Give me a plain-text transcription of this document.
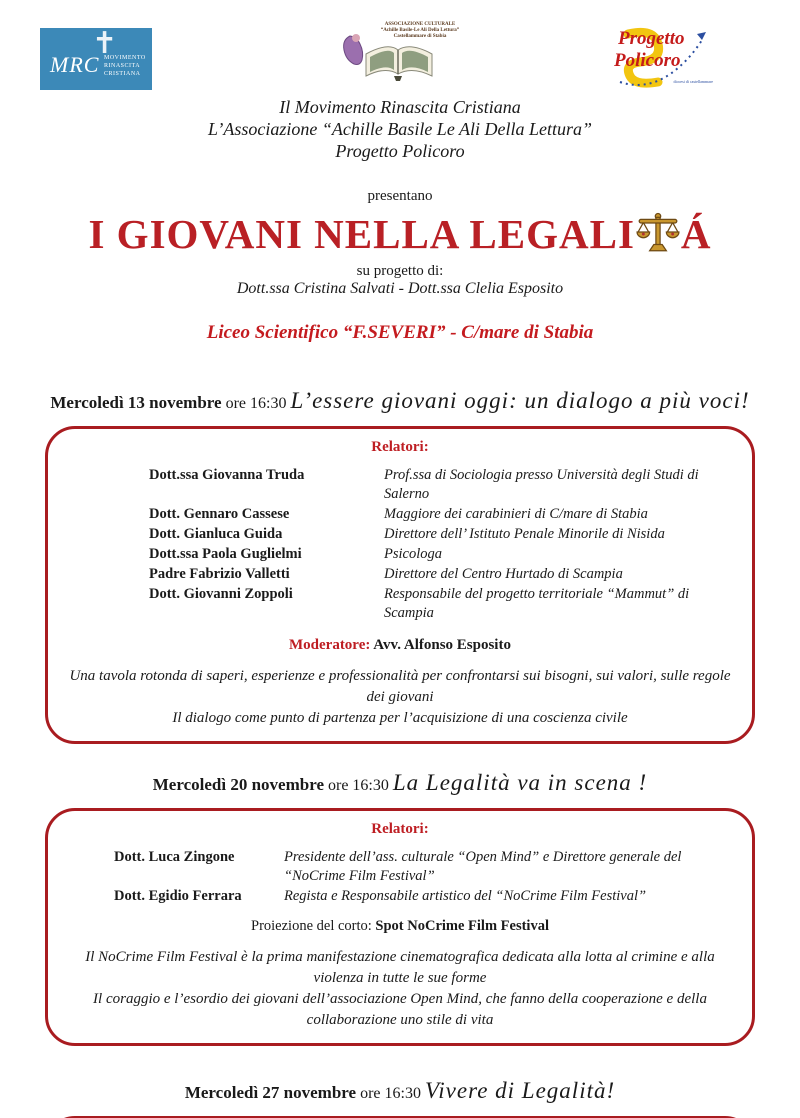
✝
MRC MOVIMENTO
RINASCITA
CRISTIANA
ASSOCIAZIONE CULTURALE
“Achille Basile-Le Ali Della Lettura”
Castellammare di Stabia	Progetto
Policoro
diocesi di castellammare
Il Movimento Rinascita Cristiana
L’Associazione “Achille Basile Le Ali Della Lettura”
Progetto Policoro
presentano
I GIOVANI NELLA LEGALI Á
su progetto di:
Dott.ssa Cristina Salvati - Dott.ssa Clelia Esposito
Liceo Scientifico “F.SEVERI” - C/mare di Stabia
Mercoledì 13 novembre ore 16:30 L’essere giovani oggi: un dialogo a più voci!
Relatori:
Dott.ssa Giovanna Truda	Prof.ssa di Sociologia presso Università degli Studi di Salerno
Dott. Gennaro Cassese	Maggiore dei carabinieri di C/mare di Stabia
Dott. Gianluca Guida	Direttore dell’ Istituto Penale Minorile di Nisida
Dott.ssa Paola Guglielmi	Psicologa
Padre Fabrizio Valletti	Direttore del Centro Hurtado di Scampia
Dott. Giovanni Zoppoli	Responsabile del progetto territoriale “Mammut” di Scampia
Moderatore: Avv. Alfonso Esposito
Una tavola rotonda di saperi, esperienze e professionalità per confrontarsi sui bisogni, sui valori, sulle regole dei giovani
Il dialogo come punto di partenza per l’acquisizione di una coscienza civile
Mercoledì 20 novembre ore 16:30 La Legalità va in scena !
Relatori:
Dott. Luca Zingone	Presidente dell’ass. culturale “Open Mind” e Direttore generale del “NoCrime Film Festival”
Dott. Egidio Ferrara	Regista e Responsabile artistico del “NoCrime Film Festival”
Proiezione del corto: Spot NoCrime Film Festival
Il NoCrime Film Festival è la prima manifestazione cinematografica dedicata alla lotta al crimine e alla violenza in tutte le sue forme
Il coraggio e l’esordio dei giovani dell’associazione Open Mind, che fanno della cooperazione e della collaborazione uno stile di vita
Mercoledì 27 novembre ore 16:30 Vivere di Legalità!
